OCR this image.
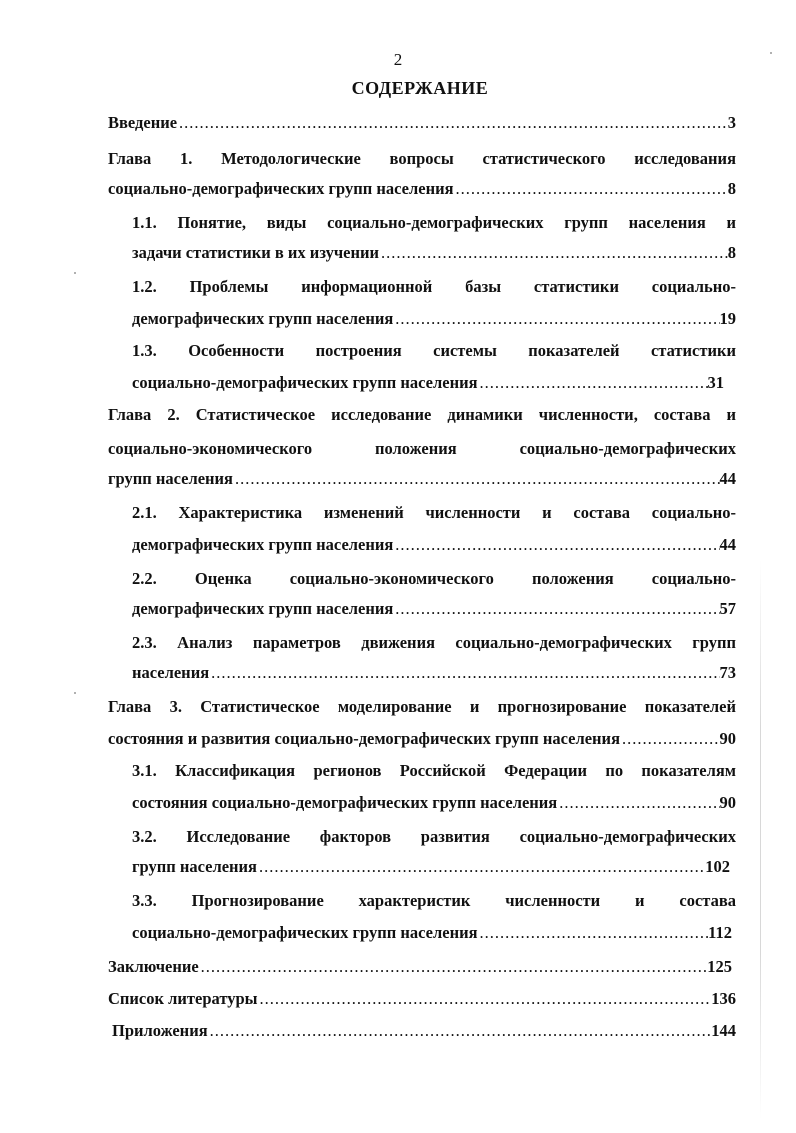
2
СОДЕРЖАНИЕ
Введение .....	3
Глава 1. Методологические вопросы статистического исследования
социально-демографических групп населения .....	8
1.1. Понятие, виды социально-демографических групп населения и
задачи статистики в их изучении .....	8
1.2. Проблемы информационной базы статистики социально-
демографических групп населения .....	19
1.3. Особенности построения системы показателей статистики
социально-демографических групп населения .....	31
Глава 2. Статистическое исследование динамики численности, состава и
социально-экономического положения социально-демографических
групп населения .....	44
2.1. Характеристика изменений численности и состава социально-
демографических групп населения .....	44
2.2. Оценка социально-экономического положения социально-
демографических групп населения .....	57
2.3. Анализ параметров движения социально-демографических групп
населения .....	73
Глава 3. Статистическое моделирование и прогнозирование показателей
состояния и развития социально-демографических групп населения .....	90
3.1. Классификация регионов Российской Федерации по показателям
состояния социально-демографических групп населения .....	90
3.2. Исследование факторов развития социально-демографических
групп населения .....	102
3.3. Прогнозирование характеристик численности и состава
социально-демографических групп населения .....	112
Заключение .....	125
Список литературы .....	136
Приложения .....	144
